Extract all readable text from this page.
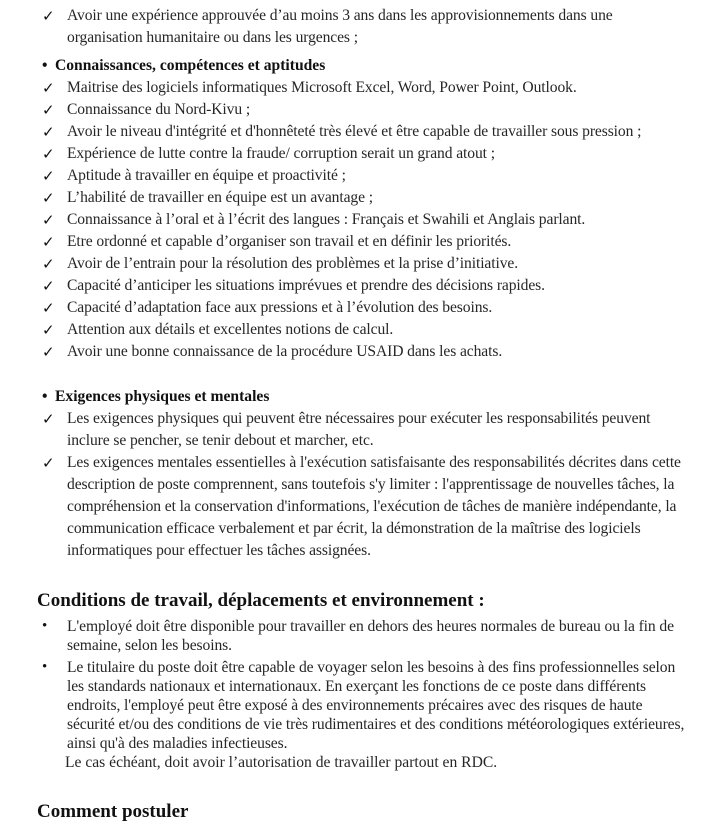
✓ Avoir une expérience approuvée d’au moins 3 ans dans les approvisionnements dans une organisation humanitaire ou dans les urgences ;
• Connaissances, compétences et aptitudes
✓ Maitrise des logiciels informatiques Microsoft Excel, Word, Power Point, Outlook.
✓ Connaissance du Nord-Kivu ;
✓ Avoir le niveau d'intégrité et d'honnêteté très élevé et être capable de travailler sous pression ;
✓ Expérience de lutte contre la fraude/ corruption serait un grand atout ;
✓ Aptitude à travailler en équipe et proactivité ;
✓ L’habilité de travailler en équipe est un avantage ;
✓ Connaissance à l’oral et à l’écrit des langues : Français et Swahili et Anglais parlant.
✓ Etre ordonné et capable d’organiser son travail et en définir les priorités.
✓ Avoir de l’entrain pour la résolution des problèmes et la prise d’initiative.
✓ Capacité d’anticiper les situations imprévues et prendre des décisions rapides.
✓ Capacité d’adaptation face aux pressions et à l’évolution des besoins.
✓ Attention aux détails et excellentes notions de calcul.
✓ Avoir une bonne connaissance de la procédure USAID dans les achats.
• Exigences physiques et mentales
✓ Les exigences physiques qui peuvent être nécessaires pour exécuter les responsabilités peuvent inclure se pencher, se tenir debout et marcher, etc.
✓ Les exigences mentales essentielles à l'exécution satisfaisante des responsabilités décrites dans cette description de poste comprennent, sans toutefois s'y limiter : l'apprentissage de nouvelles tâches, la compréhension et la conservation d'informations, l'exécution de tâches de manière indépendante, la communication efficace verbalement et par écrit, la démonstration de la maîtrise des logiciels informatiques pour effectuer les tâches assignées.
Conditions de travail, déplacements et environnement :
• L'employé doit être disponible pour travailler en dehors des heures normales de bureau ou la fin de semaine, selon les besoins.
• Le titulaire du poste doit être capable de voyager selon les besoins à des fins professionnelles selon les standards nationaux et internationaux. En exerçant les fonctions de ce poste dans différents endroits, l'employé peut être exposé à des environnements précaires avec des risques de haute sécurité et/ou des conditions de vie très rudimentaires et des conditions météorologiques extérieures, ainsi qu'à des maladies infectieuses.
Le cas échéant, doit avoir l’autorisation de travailler partout en RDC.
Comment postuler
